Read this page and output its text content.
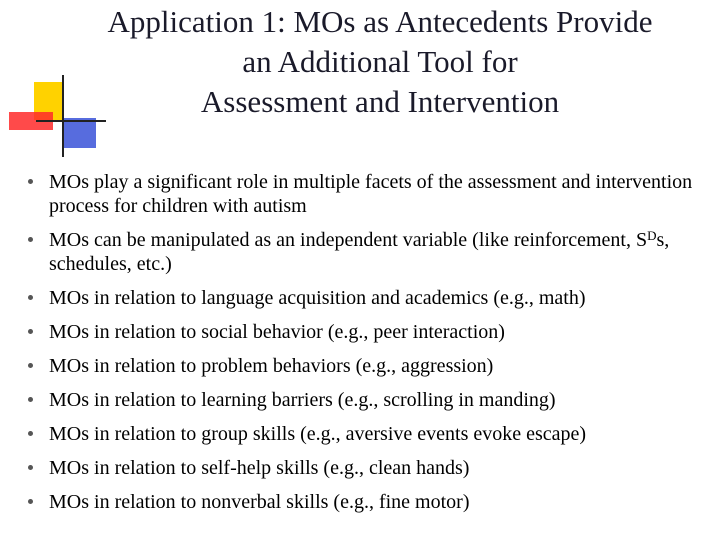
Application 1: MOs as Antecedents Provide
an Additional Tool for
Assessment and Intervention
MOs play a significant role in multiple facets of the assessment and intervention process for children with autism
MOs can be manipulated as an independent variable (like reinforcement, $S^Ds$, schedules, etc.)
MOs in relation to language acquisition and academics (e.g., math)
MOs in relation to social behavior (e.g., peer interaction)
MOs in relation to problem behaviors (e.g., aggression)
MOs in relation to learning barriers (e.g., scrolling in manding)
MOs in relation to group skills (e.g., aversive events evoke escape)
MOs in relation to self-help skills (e.g., clean hands)
MOs in relation to nonverbal skills (e.g., fine motor)
